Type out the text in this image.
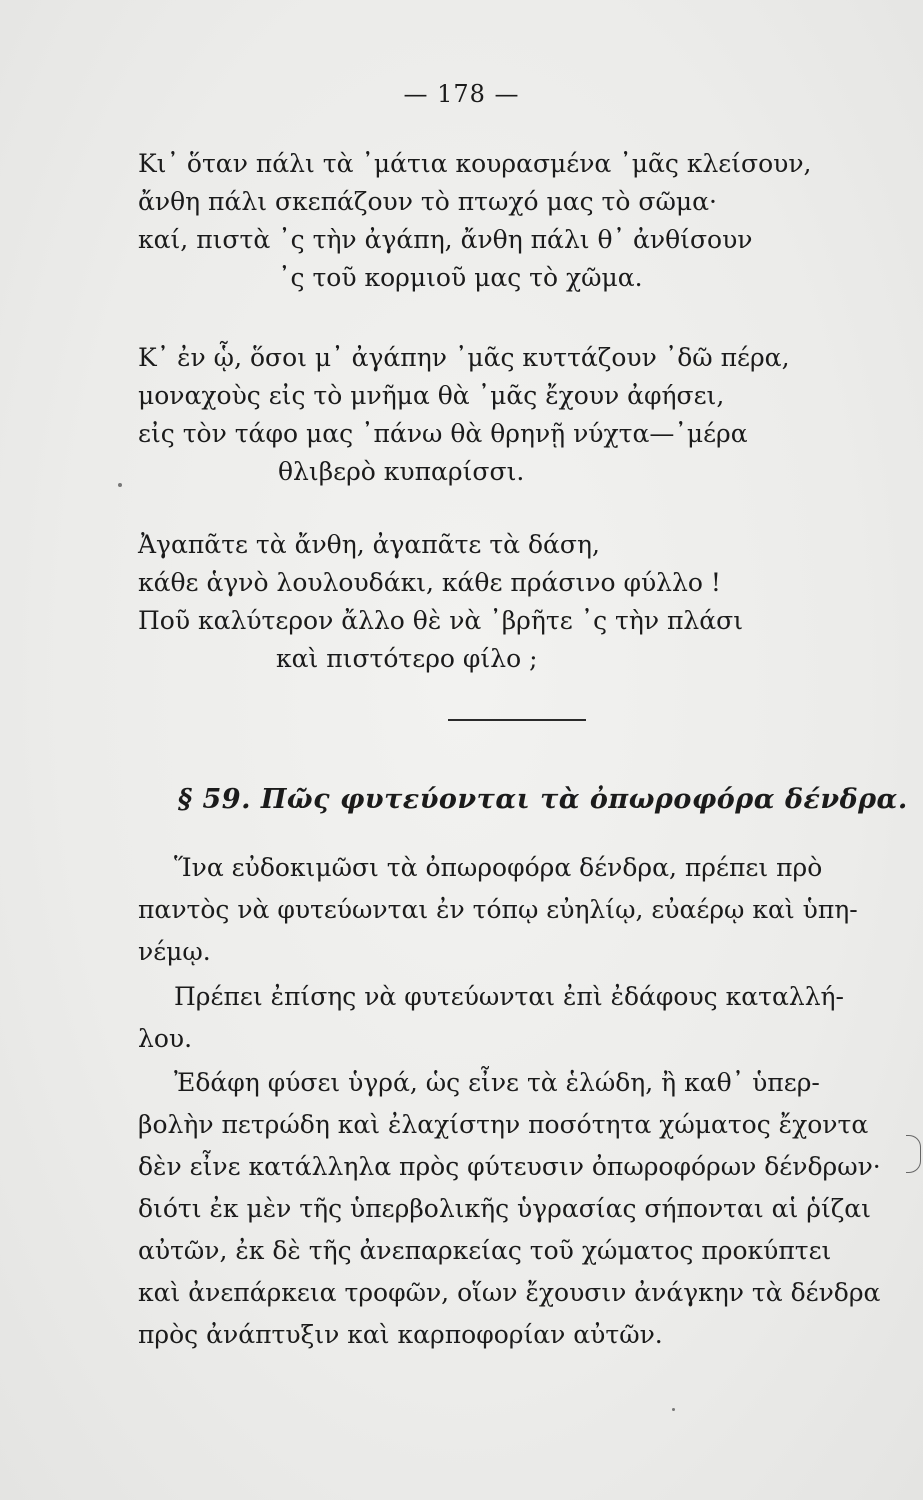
— 178 —
Κι᾽ ὅταν πάλι τὰ ᾽μάτια κουρασμένα ᾽μᾶς κλείσουν,
ἄνθη πάλι σκεπάζουν τὸ πτωχό μας τὸ σῶμα·
καί, πιστὰ ᾽ς τὴν ἀγάπη, ἄνθη πάλι θ᾽ ἀνθίσουν
᾽ς τοῦ κορμιοῦ μας τὸ χῶμα.
Κ᾽ ἐν ᾧ, ὅσοι μ᾽ ἀγάπην ᾽μᾶς κυττάζουν ᾽δῶ πέρα,
μοναχοὺς εἰς τὸ μνῆμα θὰ ᾽μᾶς ἔχουν ἀφήσει,
εἰς τὸν τάφο μας ᾽πάνω θὰ θρηνῇ νύχτα—᾽μέρα
θλιβερὸ κυπαρίσσι.
Ἀγαπᾶτε τὰ ἄνθη, ἀγαπᾶτε τὰ δάση,
κάθε ἁγνὸ λουλουδάκι, κάθε πράσινο φύλλο !
Ποῦ καλύτερον ἄλλο θὲ νὰ ᾽βρῆτε ᾽ς τὴν πλάσι
καὶ πιστότερο φίλο ;
§ 59. Πῶς φυτεύονται τὰ ὀπωροφόρα δένδρα.
Ἵνα εὐδοκιμῶσι τὰ ὀπωροφόρα δένδρα, πρέπει πρὸ
παντὸς νὰ φυτεύωνται ἐν τόπῳ εὐηλίῳ, εὐαέρῳ καὶ ὑπη-
νέμῳ.
Πρέπει ἐπίσης νὰ φυτεύωνται ἐπὶ ἐδάφους καταλλή-
λου.
Ἐδάφη φύσει ὑγρά, ὡς εἶνε τὰ ἑλώδη, ἢ καθ᾽ ὑπερ-
βολὴν πετρώδη καὶ ἐλαχίστην ποσότητα χώματος ἔχοντα
δὲν εἶνε κατάλληλα πρὸς φύτευσιν ὀπωροφόρων δένδρων·
διότι ἐκ μὲν τῆς ὑπερβολικῆς ὑγρασίας σήπονται αἱ ῥίζαι
αὐτῶν, ἐκ δὲ τῆς ἀνεπαρκείας τοῦ χώματος προκύπτει
καὶ ἀνεπάρκεια τροφῶν, οἵων ἔχουσιν ἀνάγκην τὰ δένδρα
πρὸς ἀνάπτυξιν καὶ καρποφορίαν αὐτῶν.
